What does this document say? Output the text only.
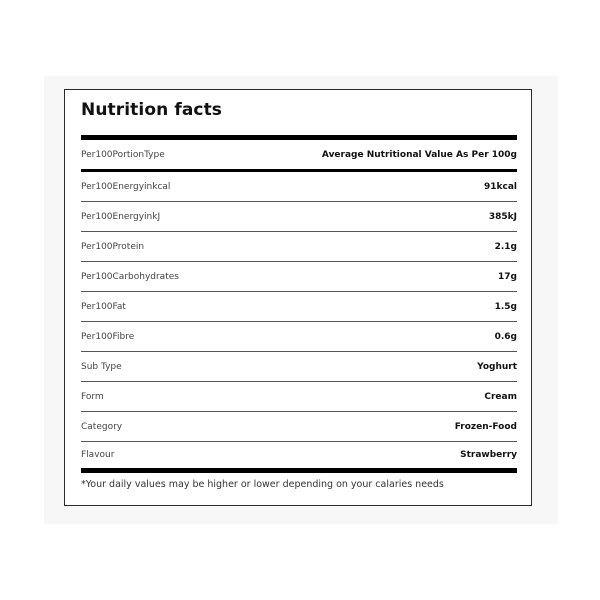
Nutrition facts
Per100PortionType	Average Nutritional Value As Per 100g
Per100Energyinkcal	91kcal
Per100EnergyinkJ	385kJ
Per100Protein	2.1g
Per100Carbohydrates	17g
Per100Fat	1.5g
Per100Fibre	0.6g
Sub Type	Yoghurt
Form	Cream
Category	Frozen-Food
Flavour	Strawberry
*Your daily values may be higher or lower depending on your calaries needs
